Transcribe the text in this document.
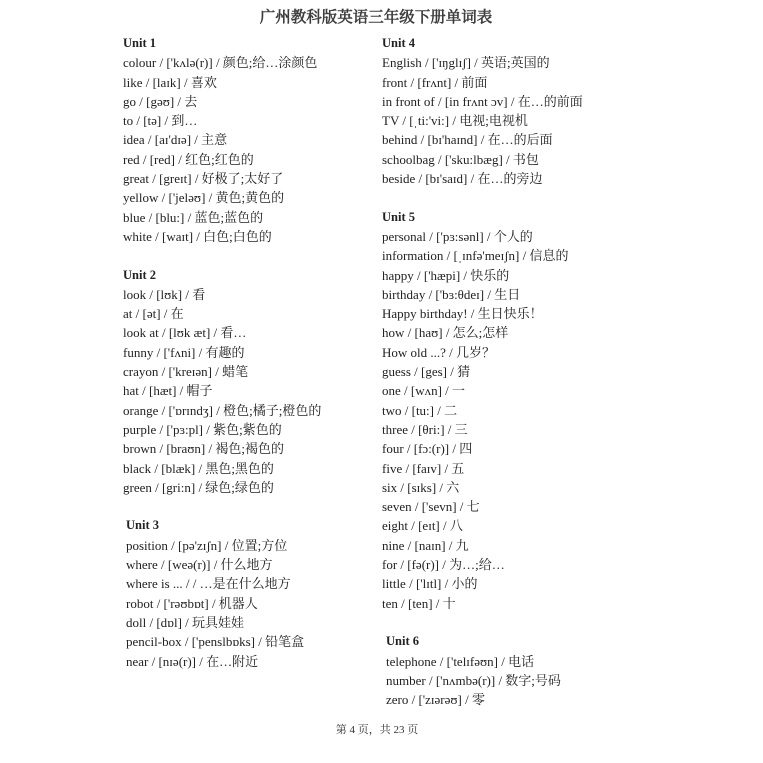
广州教科版英语三年级下册单词表
Unit 1
colour / ['kʌlə(r)] / 颜色;给…涂颜色
like / [laɪk] / 喜欢
go / [gəʊ] / 去
to / [tə] / 到…
idea / [aɪ'dɪə] / 主意
red / [red] / 红色;红色的
great / [greɪt] / 好极了;太好了
yellow / ['jeləʊ] / 黄色;黄色的
blue / [blu:] / 蓝色;蓝色的
white / [waɪt] / 白色;白色的
Unit 2
look / [lʊk] / 看
at / [ət] / 在
look at / [lʊk æt] / 看…
funny / ['fʌni] / 有趣的
crayon / ['kreɪən] / 蜡笔
hat / [hæt] / 帽子
orange / ['ɒrɪndʒ] / 橙色;橘子;橙色的
purple / ['pɜ:pl] / 紫色;紫色的
brown / [braʊn] / 褐色;褐色的
black / [blæk] / 黑色;黑色的
green / [gri:n] / 绿色;绿色的
Unit 3
position / [pə'zɪʃn] / 位置;方位
where / [weə(r)] / 什么地方
where is ... / / …是在什么地方
robot / ['rəʊbɒt] / 机器人
doll / [dɒl] / 玩具娃娃
pencil-box / ['penslbɒks] / 铅笔盒
near / [nɪə(r)] / 在…附近
Unit 4
English / ['ɪŋglɪʃ] / 英语;英国的
front / [frʌnt] / 前面
in front of / [in frʌnt ɔv] / 在…的前面
TV / [ˌti:'vi:] / 电视;电视机
behind / [bɪ'haɪnd] / 在…的后面
schoolbag / ['sku:lbæg] / 书包
beside / [bɪ'saɪd] / 在…的旁边
Unit 5
personal / ['pɜ:sənl] / 个人的
information / [ˌɪnfə'meɪʃn] / 信息的
happy / ['hæpi] / 快乐的
birthday / ['bɜ:θdeɪ] / 生日
Happy birthday! / 生日快乐！
how / [haʊ] / 怎么;怎样
How old ...? / 几岁？
guess / [ges] / 猜
one / [wʌn] / 一
two / [tu:] / 二
three / [θri:] / 三
four / [fɔ:(r)] / 四
five / [faɪv] / 五
six / [sɪks] / 六
seven / ['sevn] / 七
eight / [eɪt] / 八
nine / [naɪn] / 九
for / [fə(r)] / 为…;给…
little / ['lɪtl] / 小的
ten / [ten] / 十
Unit 6
telephone / ['telɪfəʊn] / 电话
number / ['nʌmbə(r)] / 数字;号码
zero / ['zɪərəʊ] / 零
第 4 页，共 23 页
